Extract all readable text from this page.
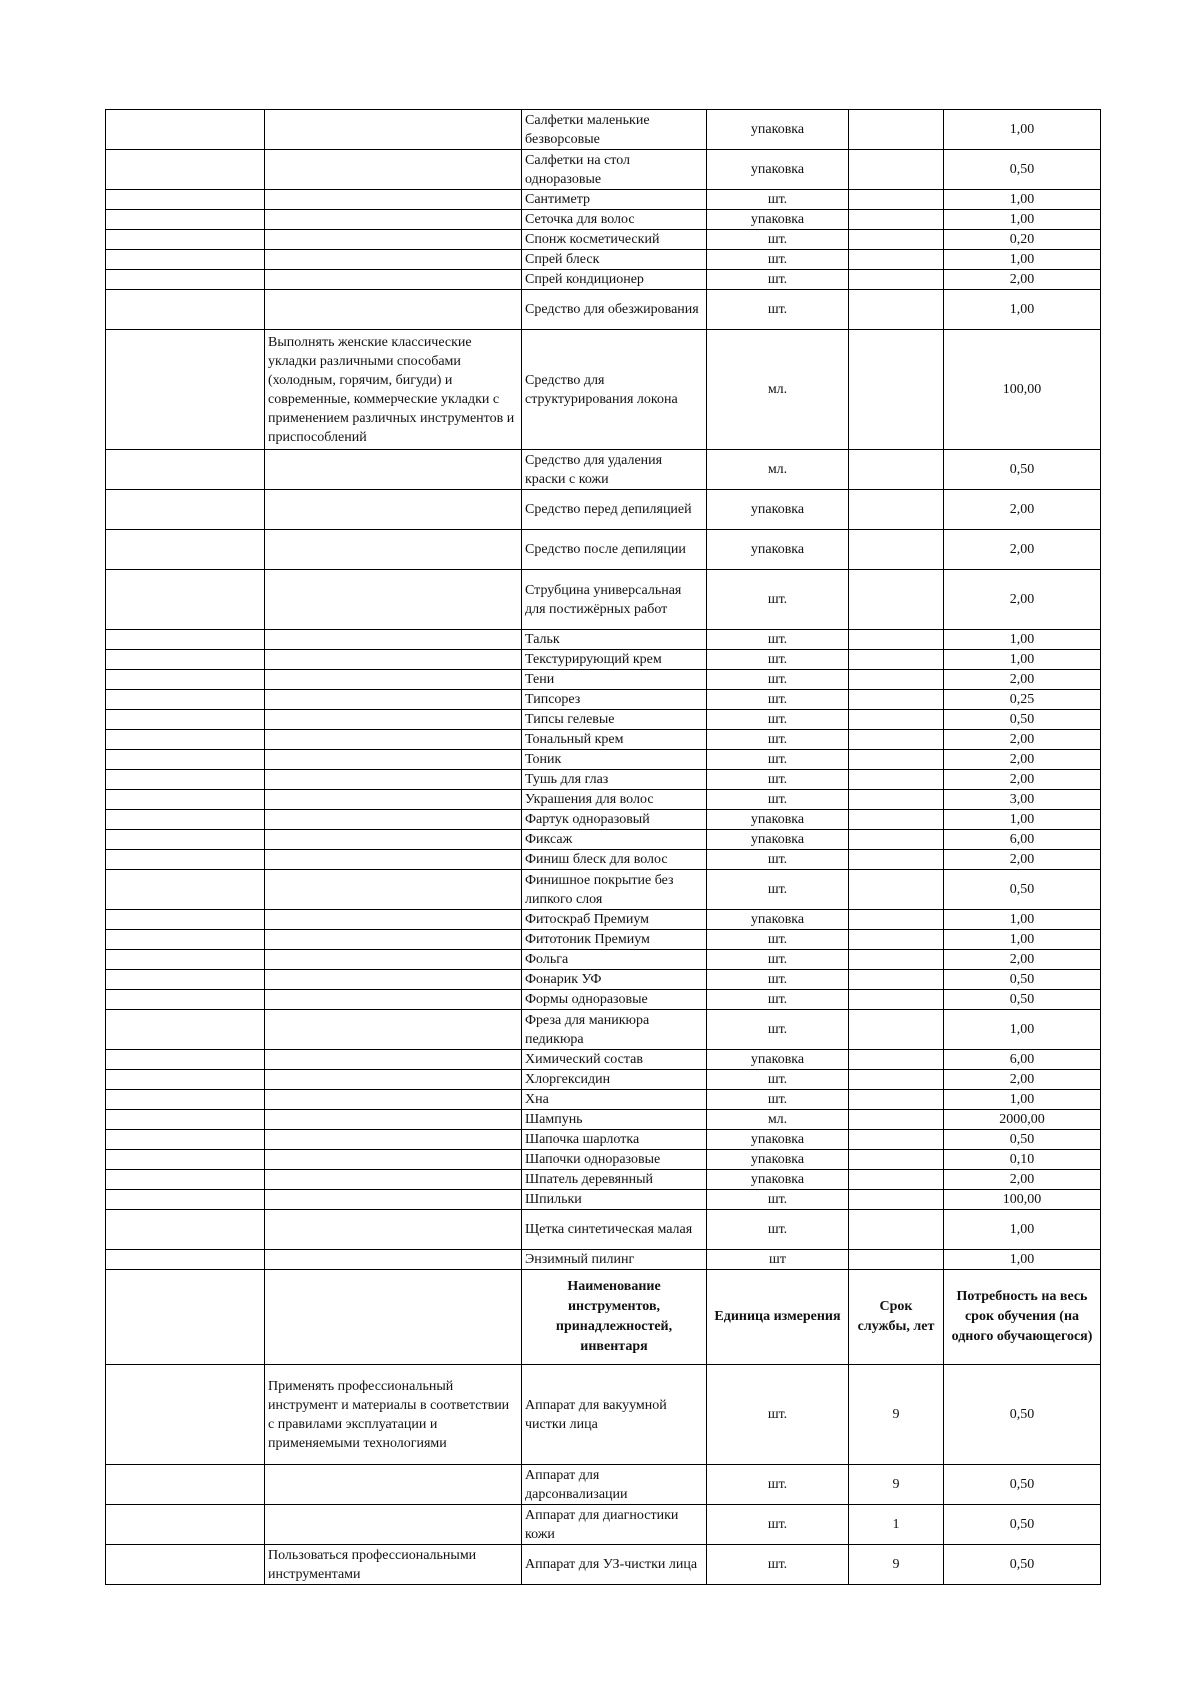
		Салфетки маленькие безворсовые	упаковка		1,00
		Салфетки на стол одноразовые	упаковка		0,50
		Сантиметр	шт.		1,00
		Сеточка для волос	упаковка		1,00
		Спонж косметический	шт.		0,20
		Спрей блеск	шт.		1,00
		Спрей кондиционер	шт.		2,00
		Средство для обезжирования	шт.		1,00
	Выполнять женские классические укладки различными способами (холодным, горячим, бигуди) и современные, коммерческие укладки с применением различных инструментов и приспособлений	Средство для структурирования локона	мл.		100,00
		Средство для удаления краски с кожи	мл.		0,50
		Средство перед депиляцией	упаковка		2,00
		Средство после депиляции	упаковка		2,00
		Струбцина универсальная для постижёрных работ	шт.		2,00
		Тальк	шт.		1,00
		Текстурирующий крем	шт.		1,00
		Тени	шт.		2,00
		Типсорез	шт.		0,25
		Типсы гелевые	шт.		0,50
		Тональный крем	шт.		2,00
		Тоник	шт.		2,00
		Тушь для глаз	шт.		2,00
		Украшения для волос	шт.		3,00
		Фартук одноразовый	упаковка		1,00
		Фиксаж	упаковка		6,00
		Финиш блеск для волос	шт.		2,00
		Финишное покрытие без липкого слоя	шт.		0,50
		Фитоскраб Премиум	упаковка		1,00
		Фитотоник Премиум	шт.		1,00
		Фольга	шт.		2,00
		Фонарик УФ	шт.		0,50
		Формы одноразовые	шт.		0,50
		Фреза для маникюра педикюра	шт.		1,00
		Химический состав	упаковка		6,00
		Хлоргексидин	шт.		2,00
		Хна	шт.		1,00
		Шампунь	мл.		2000,00
		Шапочка шарлотка	упаковка		0,50
		Шапочки одноразовые	упаковка		0,10
		Шпатель деревянный	упаковка		2,00
		Шпильки	шт.		100,00
		Щетка синтетическая малая	шт.		1,00
		Энзимный пилинг	шт		1,00
		Наименование инструментов, принадлежностей, инвентаря	Единица измерения	Срок службы, лет	Потребность на весь срок обучения (на одного обучающегося)
	Применять профессиональный инструмент и материалы в соответствии с правилами эксплуатации и применяемыми технологиями	Аппарат для вакуумной чистки лица	шт.	9	0,50
		Аппарат для дарсонвализации	шт.	9	0,50
		Аппарат для диагностики кожи	шт.	1	0,50
	Пользоваться профессиональными инструментами	Аппарат для УЗ-чистки лица	шт.	9	0,50
